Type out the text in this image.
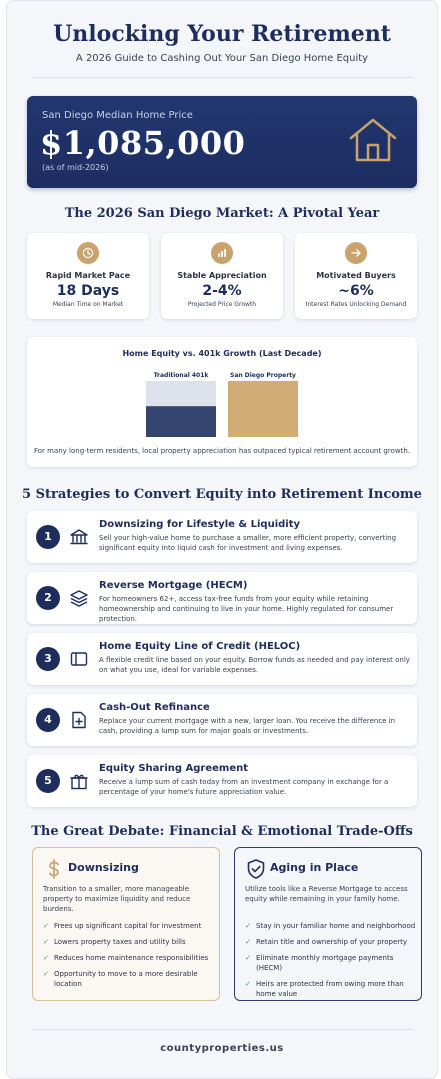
Unlocking Your Retirement
A 2026 Guide to Cashing Out Your San Diego Home Equity
San Diego Median Home Price
$1,085,000
(as of mid-2026)
The 2026 San Diego Market: A Pivotal Year
Rapid Market Pace
18 Days
Median Time on Market
Stable Appreciation
2-4%
Projected Price Growth
Motivated Buyers
~6%
Interest Rates Unlocking Demand
Home Equity vs. 401k Growth (Last Decade)
Traditional 401k	San Diego Property
For many long-term residents, local property appreciation has outpaced typical retirement account growth.
5 Strategies to Convert Equity into Retirement Income
1
Downsizing for Lifestyle & Liquidity
Sell your high-value home to purchase a smaller, more efficient property, converting significant equity into liquid cash for investment and living expenses.
2
Reverse Mortgage (HECM)
For homeowners 62+, access tax-free funds from your equity while retaining homeownership and continuing to live in your home. Highly regulated for consumer protection.
3
Home Equity Line of Credit (HELOC)
A flexible credit line based on your equity. Borrow funds as needed and pay interest only on what you use, ideal for variable expenses.
4
Cash-Out Refinance
Replace your current mortgage with a new, larger loan. You receive the difference in cash, providing a lump sum for major goals or investments.
5
Equity Sharing Agreement
Receive a lump sum of cash today from an investment company in exchange for a percentage of your home's future appreciation value.
The Great Debate: Financial & Emotional Trade-Offs
Downsizing
Transition to a smaller, more manageable property to maximize liquidity and reduce burdens.
✓ Frees up significant capital for investment
✓ Lowers property taxes and utility bills
✓ Reduces home maintenance responsibilities
✓ Opportunity to move to a more desirable location
Aging in Place
Utilize tools like a Reverse Mortgage to access equity while remaining in your family home.
✓ Stay in your familiar home and neighborhood
✓ Retain title and ownership of your property
✓ Eliminate monthly mortgage payments (HECM)
✓ Heirs are protected from owing more than home value
countyproperties.us
